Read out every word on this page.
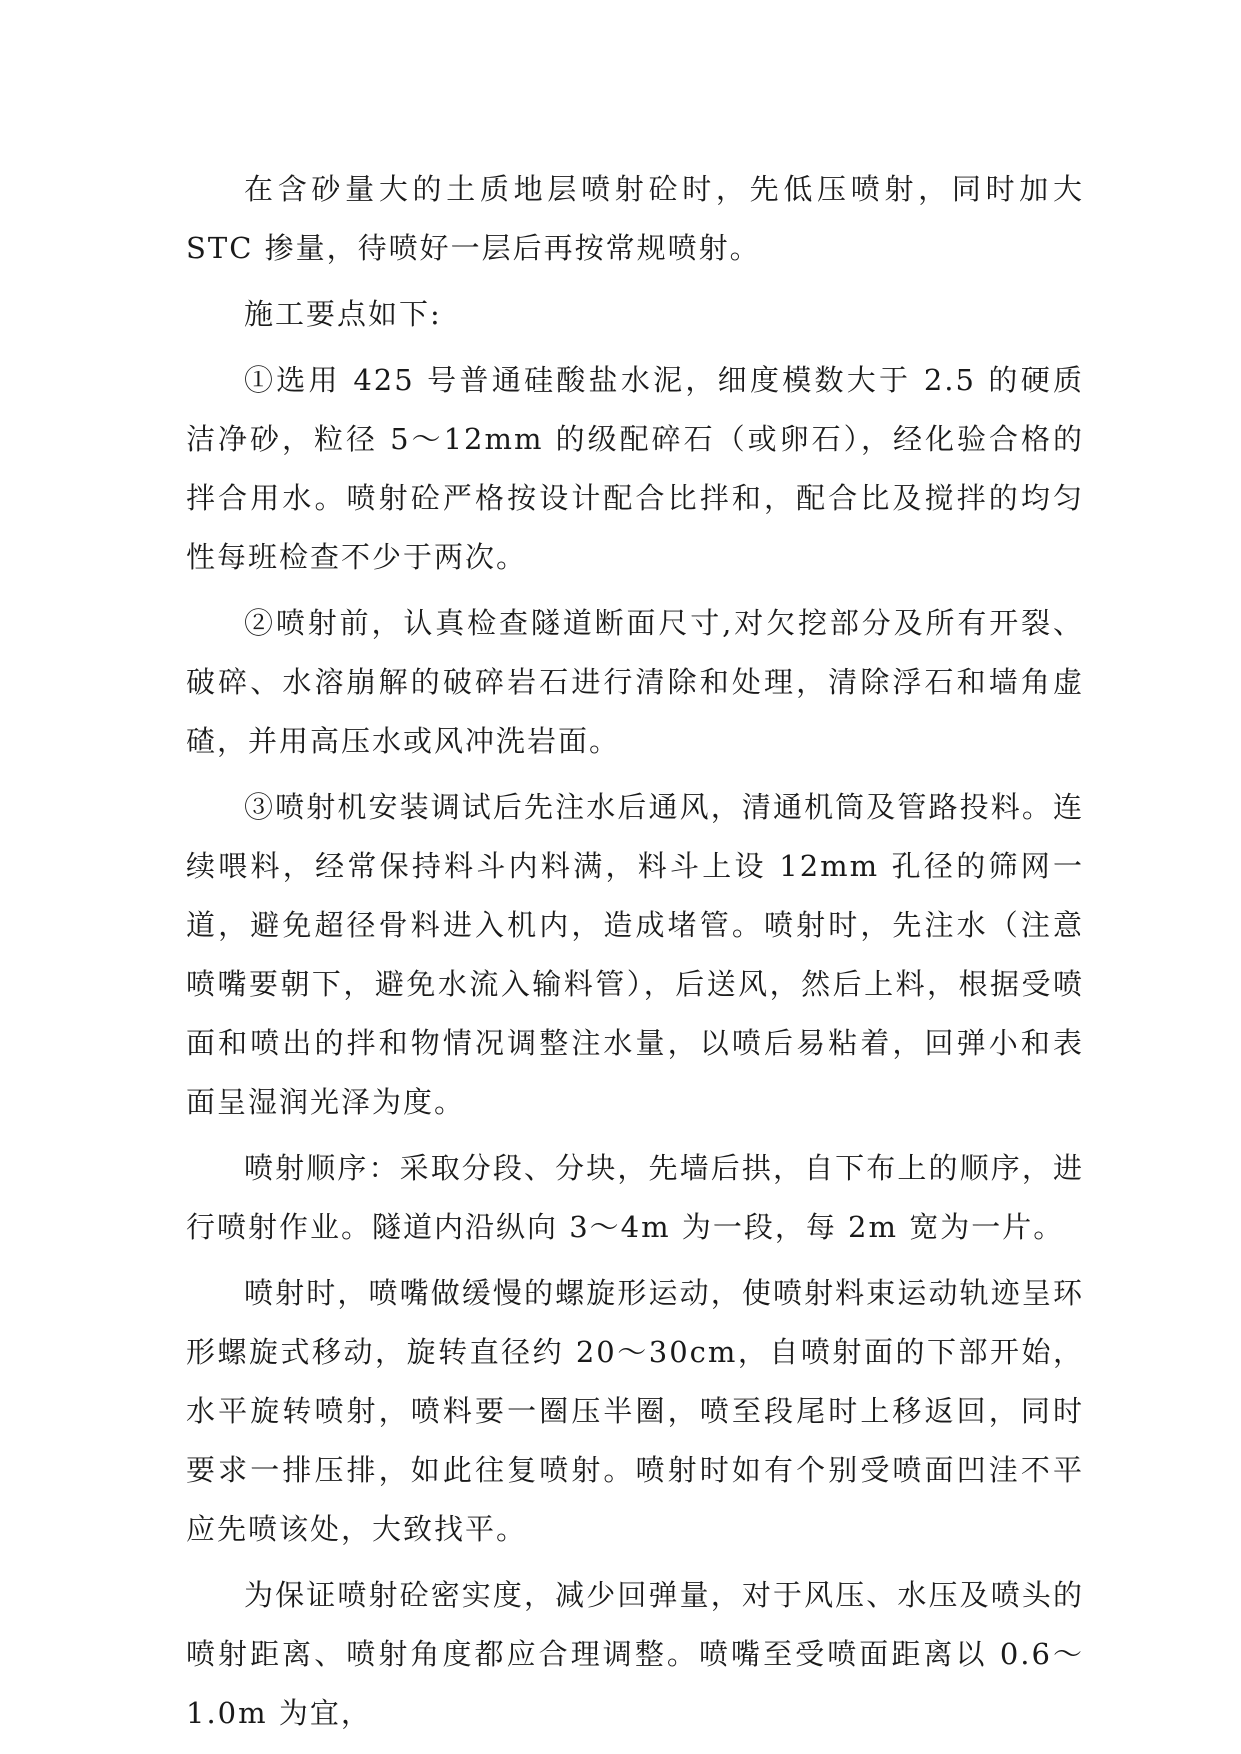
在含砂量大的土质地层喷射砼时，先低压喷射，同时加大 STC 掺量，待喷好一层后再按常规喷射。

施工要点如下:

①选用 425 号普通硅酸盐水泥，细度模数大于 2.5 的硬质洁净砂，粒径 5～12mm 的级配碎石（或卵石），经化验合格的拌合用水。喷射砼严格按设计配合比拌和，配合比及搅拌的均匀性每班检查不少于两次。

②喷射前，认真检查隧道断面尺寸,对欠挖部分及所有开裂、破碎、水溶崩解的破碎岩石进行清除和处理，清除浮石和墙角虚碴，并用高压水或风冲洗岩面。

③喷射机安装调试后先注水后通风，清通机筒及管路投料。连续喂料，经常保持料斗内料满，料斗上设 12mm 孔径的筛网一道，避免超径骨料进入机内，造成堵管。喷射时，先注水（注意喷嘴要朝下，避免水流入输料管），后送风，然后上料，根据受喷面和喷出的拌和物情况调整注水量，以喷后易粘着，回弹小和表面呈湿润光泽为度。

喷射顺序：采取分段、分块，先墙后拱，自下布上的顺序，进行喷射作业。隧道内沿纵向 3～4m 为一段，每 2m 宽为一片。

喷射时，喷嘴做缓慢的螺旋形运动，使喷射料束运动轨迹呈环形螺旋式移动，旋转直径约 20～30cm，自喷射面的下部开始，水平旋转喷射，喷料要一圈压半圈，喷至段尾时上移返回，同时要求一排压排，如此往复喷射。喷射时如有个别受喷面凹洼不平应先喷该处，大致找平。

为保证喷射砼密实度，减少回弹量，对于风压、水压及喷头的喷射距离、喷射角度都应合理调整。喷嘴至受喷面距离以 0.6～1.0m 为宜，
